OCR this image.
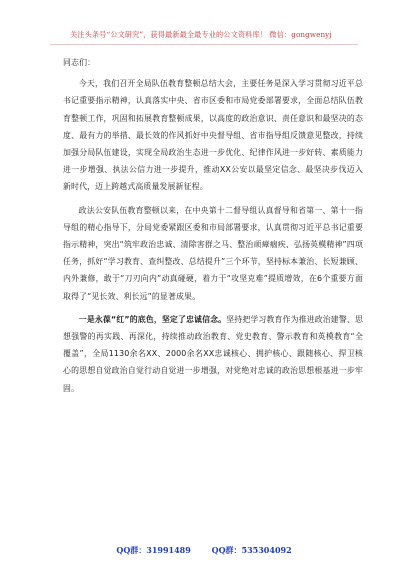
关注头条号“公文研究”，获得最新最全最专业的公文资料库！ 微信：gongwenyj

同志们：

今天，我们召开全局队伍教育整顿总结大会，主要任务是深入学习贯彻习近平总书记重要指示精神，认真落实中央、省市区委和市局党委部署要求，全面总结队伍教育整顿工作，巩固和拓展教育整顿成果，以高度的政治意识、责任意识和最坚决的态度、最有力的举措、最长效的作风抓好中央督导组、省市指导组反馈意见整改，持续加强分局队伍建设，实现全局政治生态进一步优化、纪律作风进一步好转、素质能力进一步增强、执法公信力进一步提升，推动XX公安以最坚定信念、最坚决步伐迈入新时代，迈上跨越式高质量发展新征程。

政法公安队伍教育整顿以来，在中央第十二督导组认真督导和省第一、第十一指导组的精心指导下，分局党委紧跟区委和市局部署要求，认真贯彻习近平总书记重要指示精神，突出“筑牢政治忠诚、清除害群之马、整治顽瘴痼疾、弘扬英模精神”四项任务，抓好“学习教育、查纠整改、总结提升”三个环节，坚持标本兼治、长短兼顾、内外兼修，敢于“刀刃向内”动真碰硬，着力于“攻坚克难”提质增效，在6个重要方面取得了“见长效、利长远”的显著成果。

一是永葆“红”的底色，坚定了忠诚信念。坚持把学习教育作为推进政治建警、思想强警的再实践、再深化，持续推动政治教育、党史教育、警示教育和英模教育“全覆盖”，全局1130余名XX、2000余名XX忠诚核心、拥护核心、跟随核心、捍卫核心的思想自觉政治自觉行动自觉进一步增强，对党绝对忠诚的政治思想根基进一步牢固。

QQ群：31991489	QQ群：535304092
